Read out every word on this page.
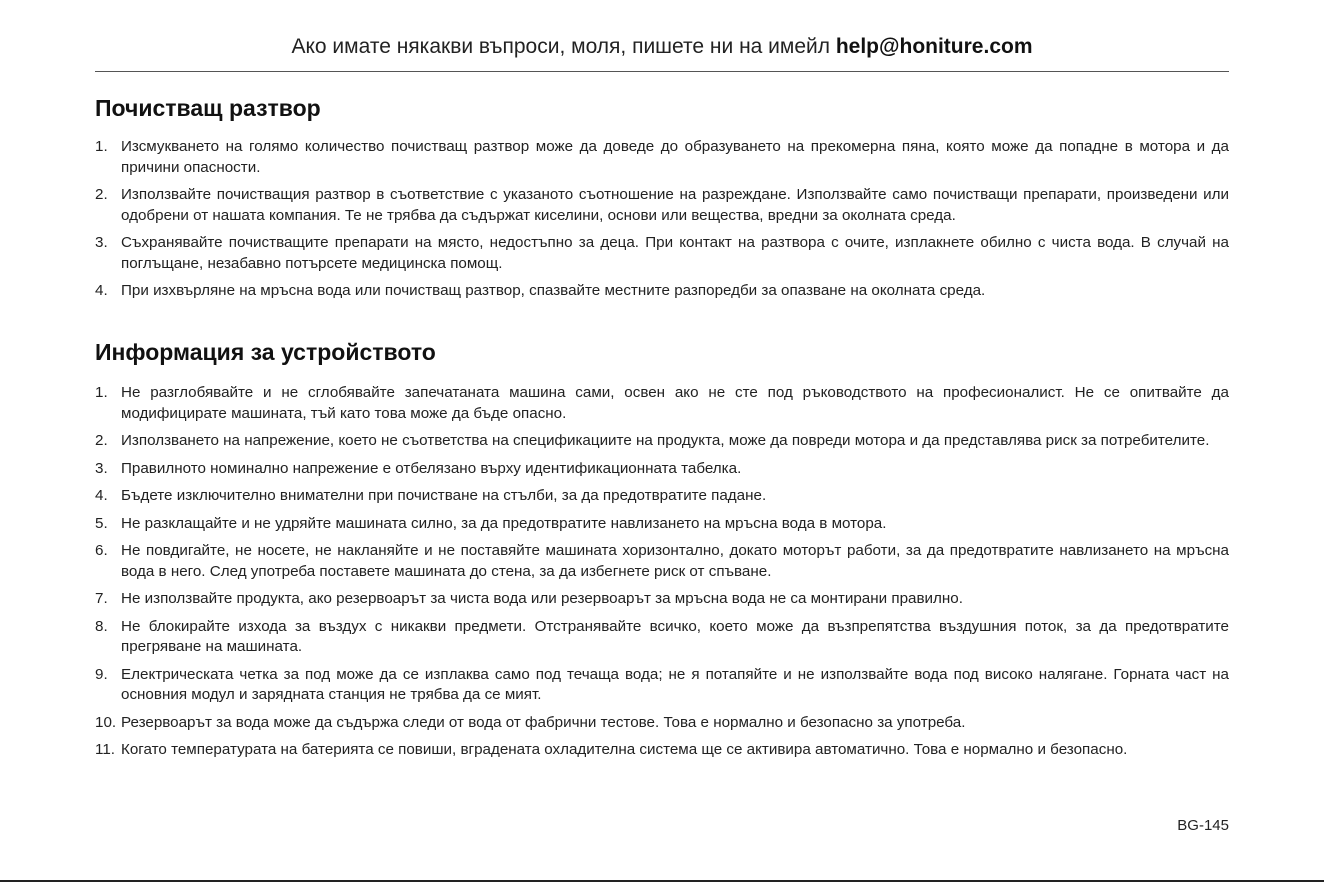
Ако имате някакви въпроси, моля, пишете ни на имейл help@honiture.com
Почистващ разтвор
1. Изсмукването на голямо количество почистващ разтвор може да доведе до образуването на прекомерна пяна, която може да попадне в мотора и да причини опасности.
2. Използвайте почистващия разтвор в съответствие с указаното съотношение на разреждане. Използвайте само почистващи препарати, произведени или одобрени от нашата компания. Те не трябва да съдържат киселини, основи или вещества, вредни за околната среда.
3. Съхранявайте почистващите препарати на място, недостъпно за деца. При контакт на разтвора с очите, изплакнете обилно с чиста вода. В случай на поглъщане, незабавно потърсете медицинска помощ.
4. При изхвърляне на мръсна вода или почистващ разтвор, спазвайте местните разпоредби за опазване на околната среда.
Информация за устройството
1. Не разглобявайте и не сглобявайте запечатаната машина сами, освен ако не сте под ръководството на професионалист. Не се опитвайте да модифицирате машината, тъй като това може да бъде опасно.
2. Използването на напрежение, което не съответства на спецификациите на продукта, може да повреди мотора и да представлява риск за потребителите.
3. Правилното номинално напрежение е отбелязано върху идентификационната табелка.
4. Бъдете изключително внимателни при почистване на стълби, за да предотвратите падане.
5. Не разклащайте и не удряйте машината силно, за да предотвратите навлизането на мръсна вода в мотора.
6. Не повдигайте, не носете, не накланяйте и не поставяйте машината хоризонтално, докато моторът работи, за да предотвратите навлизането на мръсна вода в него. След употреба поставете машината до стена, за да избегнете риск от спъване.
7. Не използвайте продукта, ако резервоарът за чиста вода или резервоарът за мръсна вода не са монтирани правилно.
8. Не блокирайте изхода за въздух с никакви предмети. Отстранявайте всичко, което може да възпрепятства въздушния поток, за да предотвратите прегряване на машината.
9. Електрическата четка за под може да се изплаква само под течаща вода; не я потапяйте и не използвайте вода под високо налягане. Горната част на основния модул и зарядната станция не трябва да се мият.
10. Резервоарът за вода може да съдържа следи от вода от фабрични тестове. Това е нормално и безопасно за употреба.
11. Когато температурата на батерията се повиши, вградената охладителна система ще се активира автоматично. Това е нормално и безопасно.
BG-145
